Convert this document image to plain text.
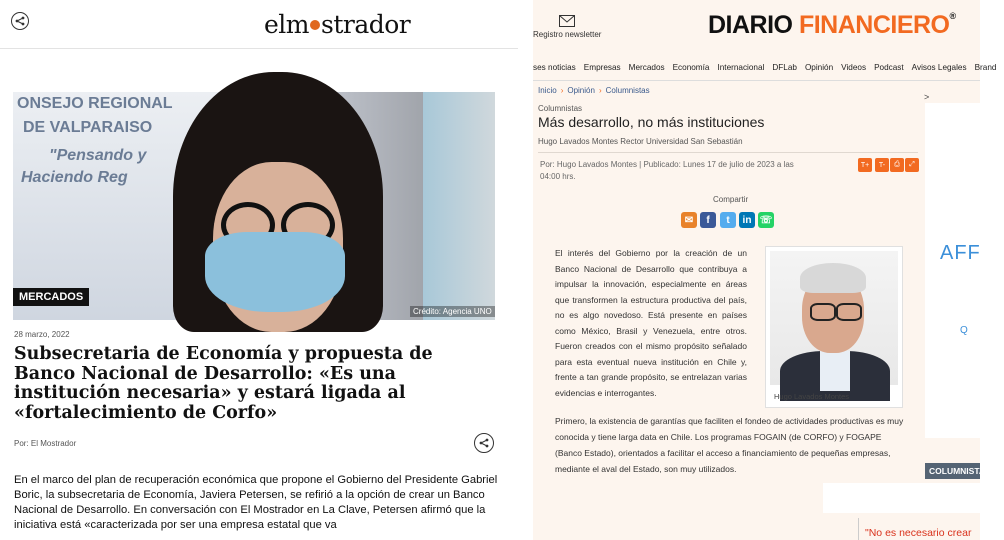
elm strador
ONSEJO REGIONAL
DE VALPARAISO
"Pensando y
Haciendo Reg
MERCADOS
Crédito: Agencia UNO
28 marzo, 2022
Subsecretaria de Economía y propuesta de Banco Nacional de Desarrollo: «Es una institución necesaria» y estará ligada al «fortalecimiento de Corfo»
Por: El Mostrador
En el marco del plan de recuperación económica que propone el Gobierno del Presidente Gabriel Boric, la subsecretaria de Economía, Javiera Petersen, se refirió a la opción de crear un Banco Nacional de Desarrollo. En conversación con El Mostrador en La Clave, Petersen afirmó que la iniciativa está «caracterizada por ser una empresa estatal que va
Registro newsletter	DIARIO FINANCIERO®
ses noticias Empresas Mercados Economía Internacional DFLab Opinión Videos Podcast Avisos Legales Brand
Inicio › Opinión › Columnistas
>
Columnistas
Más desarrollo, no más instituciones
Hugo Lavados Montes Rector Universidad San Sebastián
Por: Hugo Lavados Montes | Publicado: Lunes 17 de julio de 2023 a las 04:00 hrs.
T+	T-	⎙	⤢
Compartir
✉	f	t	in ☏
El interés del Gobierno por la creación de un Banco Nacional de Desarrollo que contribuya a impulsar la innovación, especialmente en áreas que transformen la estructura productiva del país, no es algo novedoso. Está presente en países como México, Brasil y Venezuela, entre otros. Fueron creados con el mismo propósito señalado para esta eventual nueva institución en Chile y, frente a tan grande propósito, se entrelazan varias evidencias e interrogantes.	Hugo Lavados Montes
Primero, la existencia de garantías que faciliten el fondeo de actividades productivas es muy conocida y tiene larga data en Chile. Los programas FOGAIN (de CORFO) y FOGAPE (Banco Estado), orientados a facilitar el acceso a financiamiento de pequeñas empresas, mediante el aval del Estado, son muy utilizados.
AFF
Q
COLUMNISTAS
"No es necesario crear
